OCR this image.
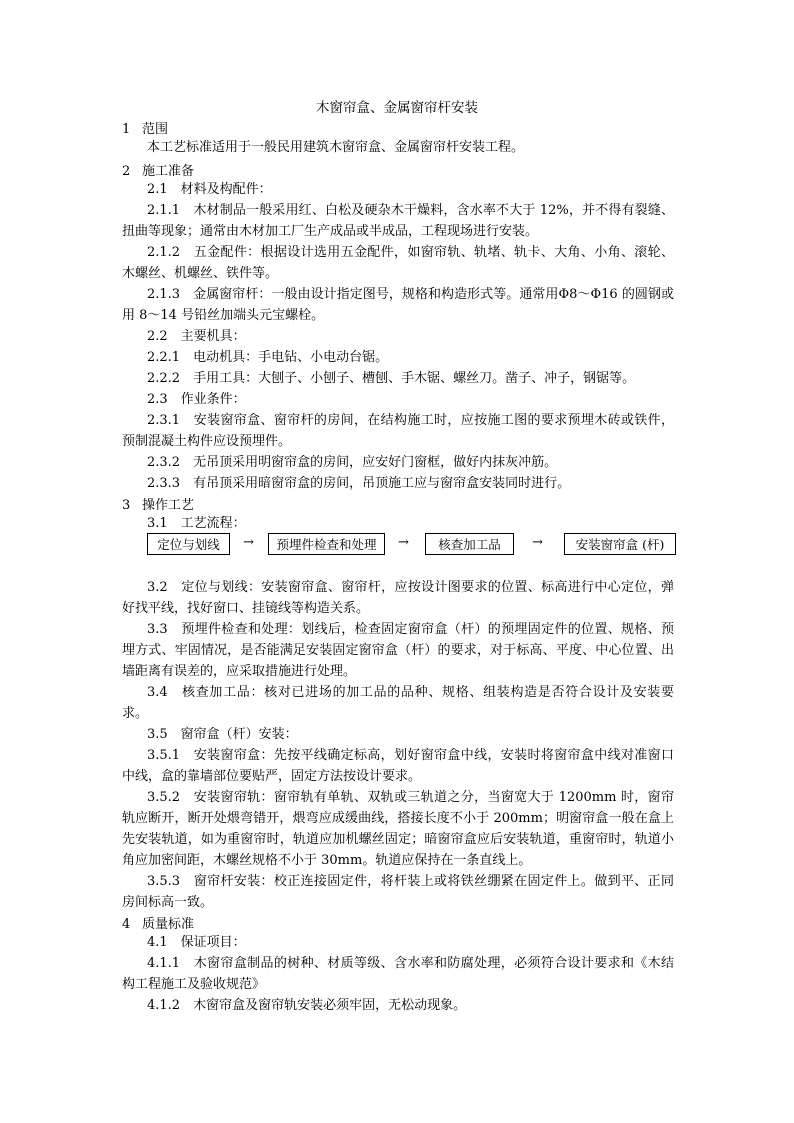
木窗帘盒、金属窗帘杆安装
1 范围
本工艺标准适用于一般民用建筑木窗帘盒、金属窗帘杆安装工程。
2 施工准备
2.1　材料及构配件：
2.1.1　木材制品一般采用红、白松及硬杂木干燥料，含水率不大于 12%，并不得有裂缝、扭曲等现象；通常由木材加工厂生产成品或半成品，工程现场进行安装。
2.1.2　五金配件：根据设计选用五金配件，如窗帘轨、轨堵、轨卡、大角、小角、滚轮、木螺丝、机螺丝、铁件等。
2.1.3　金属窗帘杆：一般由设计指定图号，规格和构造形式等。通常用Φ8～Φ16 的圆钢或用 8～14 号铅丝加端头元宝螺栓。
2.2　主要机具：
2.2.1　电动机具：手电钻、小电动台锯。
2.2.2　手用工具：大刨子、小刨子、槽刨、手木锯、螺丝刀。凿子、冲子，钢锯等。
2.3　作业条件：
2.3.1　安装窗帘盒、窗帘杆的房间，在结构施工时，应按施工图的要求预埋木砖或铁件，预制混凝土构件应设预埋件。
2.3.2　无吊顶采用明窗帘盒的房间，应安好门窗框，做好内抹灰冲筋。
2.3.3　有吊顶采用暗窗帘盒的房间，吊顶施工应与窗帘盒安装同时进行。
3 操作工艺
3.1　工艺流程：
定位与划线	→	预埋件检查和处理	→	核查加工品	→	安装窗帘盒 (杆)
3.2　定位与划线：安装窗帘盒、窗帘杆，应按设计图要求的位置、标高进行中心定位，弹好找平线，找好窗口、挂镜线等构造关系。
3.3　预埋件检查和处理：划线后，检查固定窗帘盒（杆）的预埋固定件的位置、规格、预埋方式、牢固情况，是否能满足安装固定窗帘盒（杆）的要求，对于标高、平度、中心位置、出墙距离有误差的，应采取措施进行处理。
3.4　核查加工品：核对已进场的加工品的品种、规格、组装构造是否符合设计及安装要求。
3.5　窗帘盒（杆）安装：
3.5.1　安装窗帘盒：先按平线确定标高，划好窗帘盒中线，安装时将窗帘盒中线对准窗口中线，盒的靠墙部位要贴严，固定方法按设计要求。
3.5.2　安装窗帘轨：窗帘轨有单轨、双轨或三轨道之分，当窗宽大于 1200mm 时，窗帘轨应断开，断开处煨弯错开，煨弯应成缓曲线，搭接长度不小于 200mm；明窗帘盒一般在盒上先安装轨道，如为重窗帘时，轨道应加机螺丝固定；暗窗帘盒应后安装轨道，重窗帘时，轨道小角应加密间距，木螺丝规格不小于 30mm。轨道应保持在一条直线上。
3.5.3　窗帘杆安装：校正连接固定件，将杆装上或将铁丝绷紧在固定件上。做到平、正同房间标高一致。
4 质量标准
4.1　保证项目：
4.1.1　木窗帘盒制品的树种、材质等级、含水率和防腐处理，必须符合设计要求和《木结构工程施工及验收规范》
4.1.2　木窗帘盒及窗帘轨安装必须牢固，无松动现象。
